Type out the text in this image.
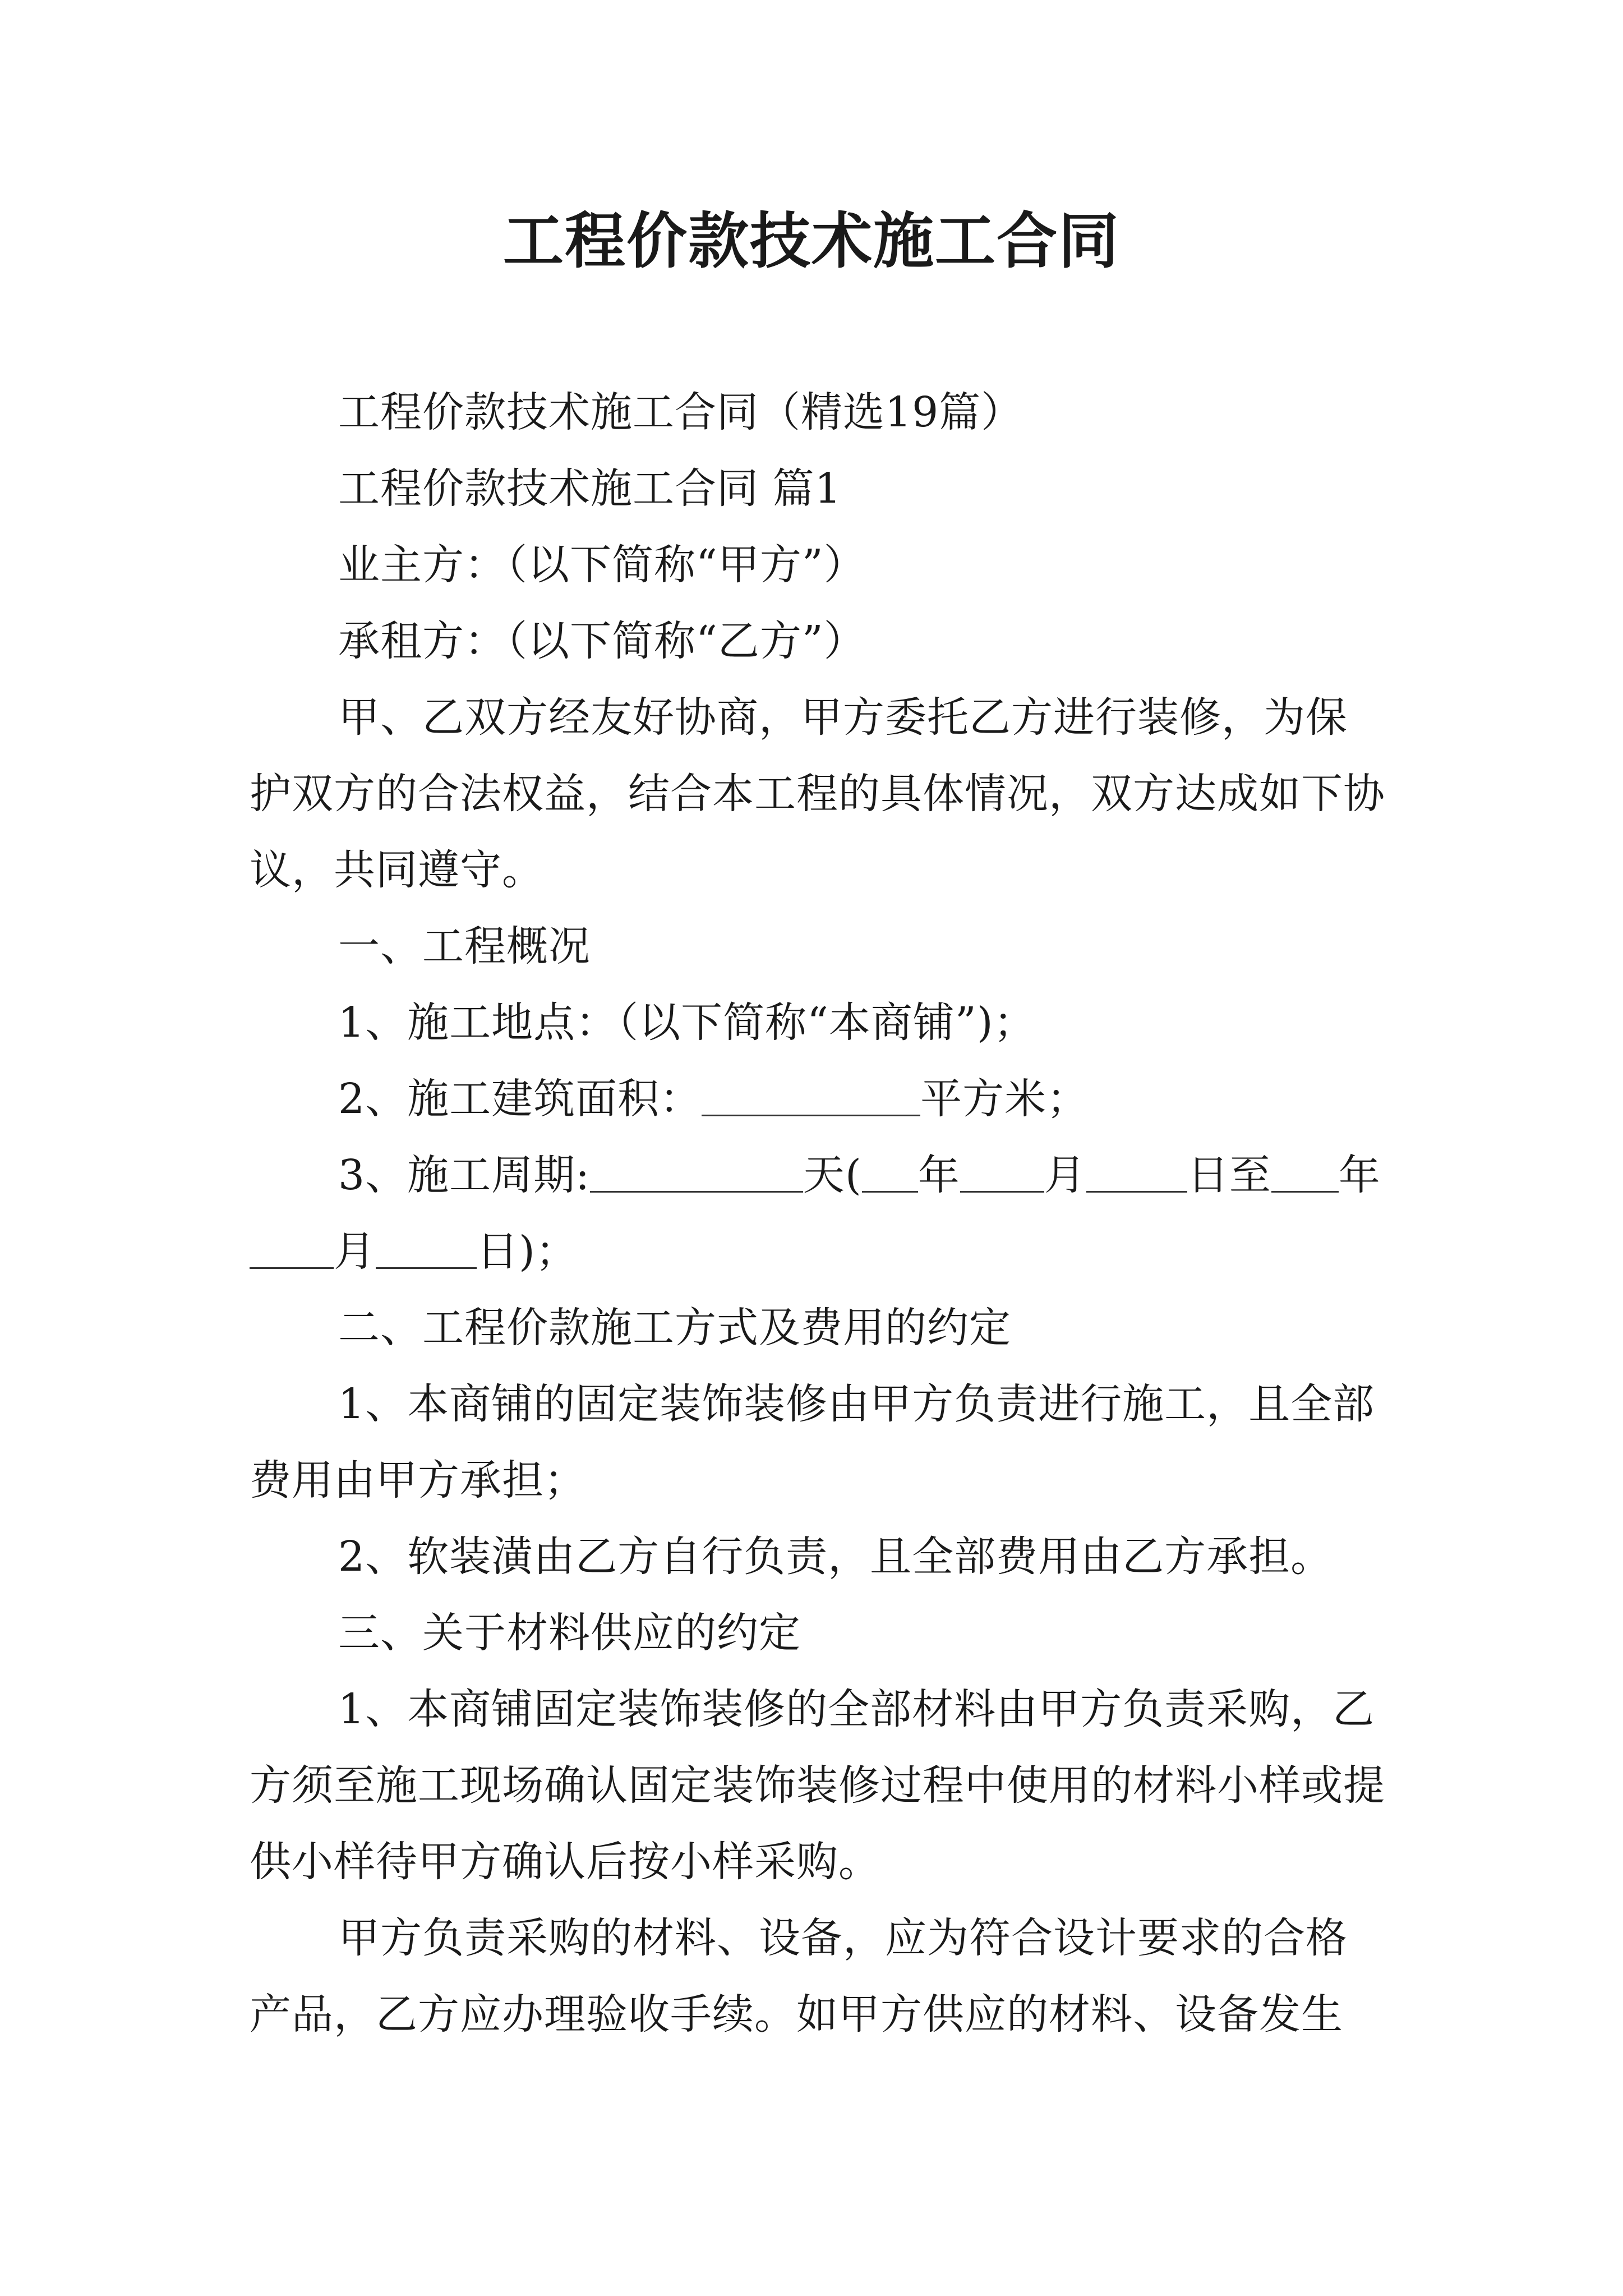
工程价款技术施工合同

工程价款技术施工合同（精选19篇）

工程价款技术施工合同 篇1

业主方：（以下简称“甲方”）

承租方：（以下简称“乙方”）

甲、乙双方经友好协商，甲方委托乙方进行装修，为保护双方的合法权益，结合本工程的具体情况，双方达成如下协议，共同遵守。

一、工程概况

1、施工地点：（以下简称“本商铺”)；

2、施工建筑面积：	平方米；

3、施工周期:	天( 年 月 日至 年月 日)；

二、工程价款施工方式及费用的约定

1、本商铺的固定装饰装修由甲方负责进行施工，且全部费用由甲方承担；

2、软装潢由乙方自行负责，且全部费用由乙方承担。

三、关于材料供应的约定

1、本商铺固定装饰装修的全部材料由甲方负责采购，乙方须至施工现场确认固定装饰装修过程中使用的材料小样或提供小样待甲方确认后按小样采购。

甲方负责采购的材料、设备，应为符合设计要求的合格产品，乙方应办理验收手续。如甲方供应的材料、设备发生
